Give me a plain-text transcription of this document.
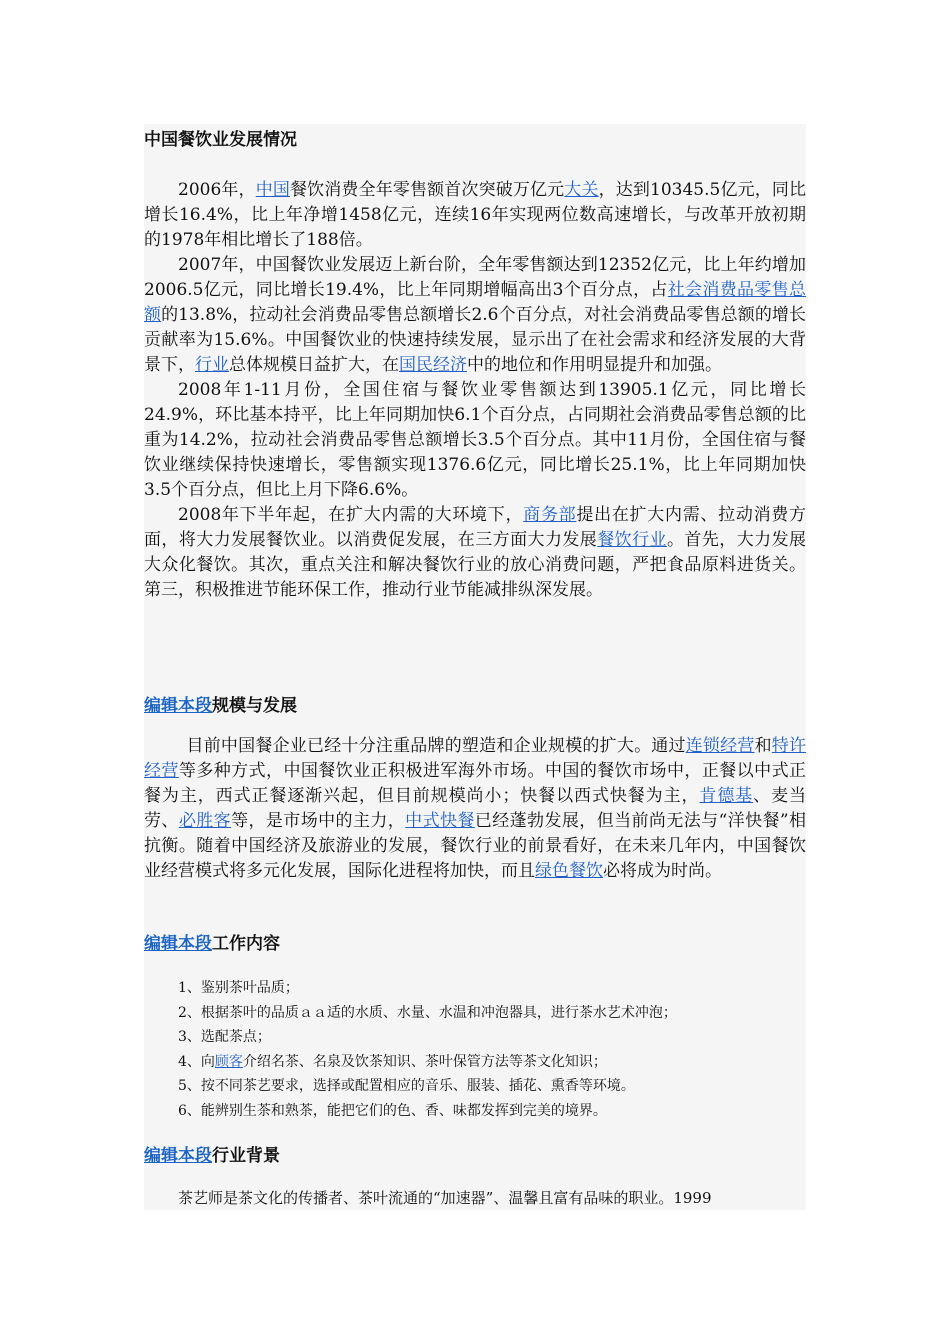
中国餐饮业发展情况

2006年，中国餐饮消费全年零售额首次突破万亿元大关，达到10345.5亿元，同比增长16.4%，比上年净增1458亿元，连续16年实现两位数高速增长，与改革开放初期的1978年相比增长了188倍。

2007年，中国餐饮业发展迈上新台阶，全年零售额达到12352亿元，比上年约增加2006.5亿元，同比增长19.4%，比上年同期增幅高出3个百分点，占社会消费品零售总额的13.8%，拉动社会消费品零售总额增长2.6个百分点，对社会消费品零售总额的增长贡献率为15.6%。中国餐饮业的快速持续发展，显示出了在社会需求和经济发展的大背景下，行业总体规模日益扩大，在国民经济中的地位和作用明显提升和加强。

2008年1-11月份，全国住宿与餐饮业零售额达到13905.1亿元，同比增长24.9%，环比基本持平，比上年同期加快6.1个百分点，占同期社会消费品零售总额的比重为14.2%，拉动社会消费品零售总额增长3.5个百分点。其中11月份，全国住宿与餐饮业继续保持快速增长，零售额实现1376.6亿元，同比增长25.1%，比上年同期加快3.5个百分点，但比上月下降6.6%。

2008年下半年起，在扩大内需的大环境下，商务部提出在扩大内需、拉动消费方面，将大力发展餐饮业。以消费促发展，在三方面大力发展餐饮行业。首先，大力发展大众化餐饮。其次，重点关注和解决餐饮行业的放心消费问题，严把食品原料进货关。第三，积极推进节能环保工作，推动行业节能减排纵深发展。

编辑本段规模与发展

目前中国餐企业已经十分注重品牌的塑造和企业规模的扩大。通过连锁经营和特许经营等多种方式，中国餐饮业正积极进军海外市场。中国的餐饮市场中，正餐以中式正餐为主，西式正餐逐渐兴起，但目前规模尚小；快餐以西式快餐为主，肯德基、麦当劳、必胜客等，是市场中的主力，中式快餐已经蓬勃发展，但当前尚无法与“洋快餐”相抗衡。随着中国经济及旅游业的发展，餐饮行业的前景看好，在未来几年内，中国餐饮业经营模式将多元化发展，国际化进程将加快，而且绿色餐饮必将成为时尚。

编辑本段工作内容
1、鉴别茶叶品质；
2、根据茶叶的品质ａａ适的水质、水量、水温和冲泡器具，进行茶水艺术冲泡；
3、选配茶点；
4、向顾客介绍名茶、名泉及饮茶知识、茶叶保管方法等茶文化知识；
5、按不同茶艺要求，选择或配置相应的音乐、服装、插花、熏香等环境。
6、能辨别生茶和熟茶，能把它们的色、香、味都发挥到完美的境界。
编辑本段行业背景
茶艺师是茶文化的传播者、茶叶流通的“加速器”、温馨且富有品味的职业。1999
